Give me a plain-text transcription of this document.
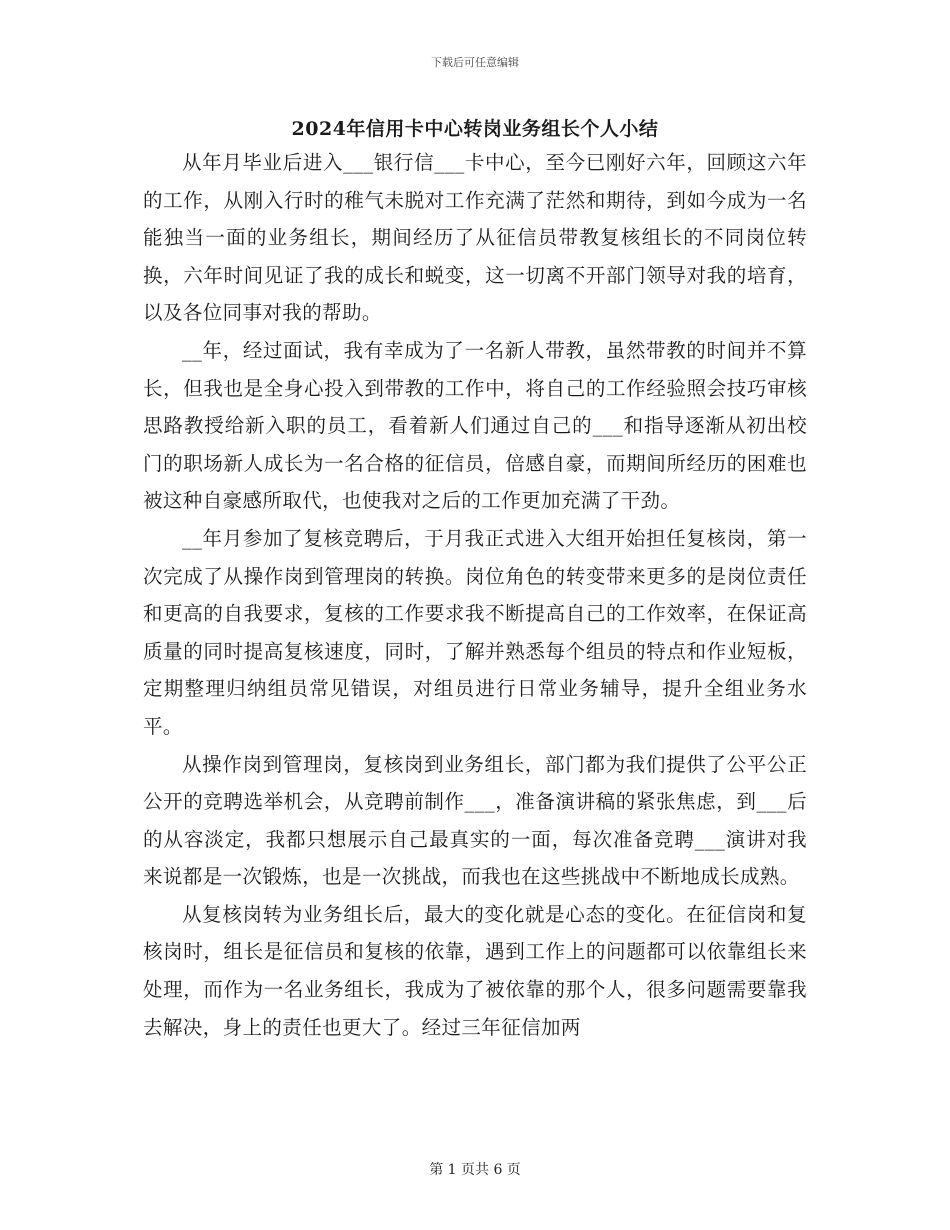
下载后可任意编辑
2024年信用卡中心转岗业务组长个人小结

从年月毕业后进入___银行信___卡中心，至今已刚好六年，回顾这六年的工作，从刚入行时的稚气未脱对工作充满了茫然和期待，到如今成为一名能独当一面的业务组长，期间经历了从征信员带教复核组长的不同岗位转换，六年时间见证了我的成长和蜕变，这一切离不开部门领导对我的培育，以及各位同事对我的帮助。

__年，经过面试，我有幸成为了一名新人带教，虽然带教的时间并不算长，但我也是全身心投入到带教的工作中，将自己的工作经验照会技巧审核思路教授给新入职的员工，看着新人们通过自己的___和指导逐渐从初出校门的职场新人成长为一名合格的征信员，倍感自豪，而期间所经历的困难也被这种自豪感所取代，也使我对之后的工作更加充满了干劲。

__年月参加了复核竞聘后，于月我正式进入大组开始担任复核岗，第一次完成了从操作岗到管理岗的转换。岗位角色的转变带来更多的是岗位责任和更高的自我要求，复核的工作要求我不断提高自己的工作效率，在保证高质量的同时提高复核速度，同时，了解并熟悉每个组员的特点和作业短板，定期整理归纳组员常见错误，对组员进行日常业务辅导，提升全组业务水平。

从操作岗到管理岗，复核岗到业务组长，部门都为我们提供了公平公正公开的竞聘选举机会，从竞聘前制作___，准备演讲稿的紧张焦虑，到___后的从容淡定，我都只想展示自己最真实的一面，每次准备竞聘___演讲对我来说都是一次锻炼，也是一次挑战，而我也在这些挑战中不断地成长成熟。

从复核岗转为业务组长后，最大的变化就是心态的变化。在征信岗和复核岗时，组长是征信员和复核的依靠，遇到工作上的问题都可以依靠组长来处理，而作为一名业务组长，我成为了被依靠的那个人，很多问题需要靠我去解决，身上的责任也更大了。经过三年征信加两

第 1 页共 6 页
